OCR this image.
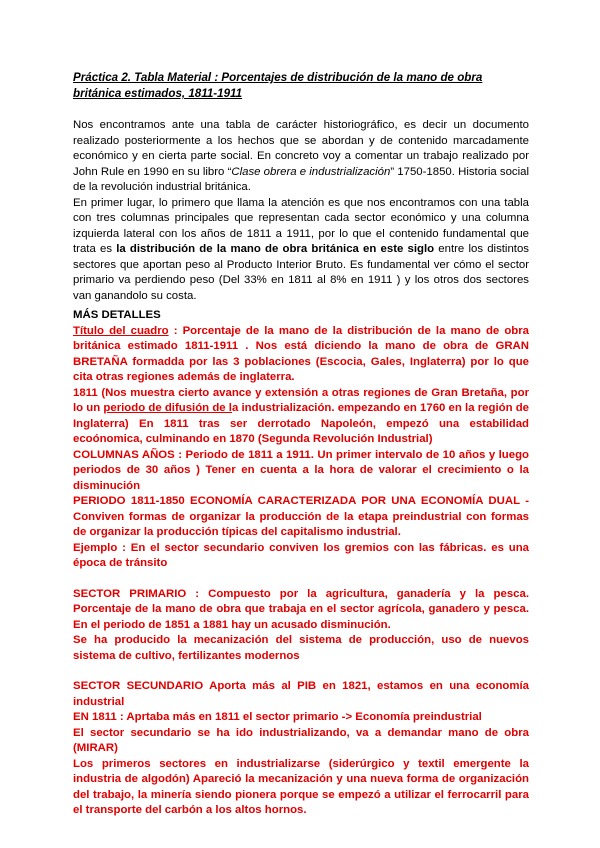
Práctica 2. Tabla Material : Porcentajes de distribución de la mano de obra británica estimados, 1811-1911

Nos encontramos ante una tabla de carácter historiográfico, es decir un documento realizado posteriormente a los hechos que se abordan y de contenido marcadamente económico y en cierta parte social. En concreto voy a comentar un trabajo realizado por John Rule en 1990 en su libro “Clase obrera e industrialización” 1750-1850. Historia social de la revolución industrial británica.

En primer lugar, lo primero que llama la atención es que nos encontramos con una tabla con tres columnas principales que representan cada sector económico y una columna izquierda lateral con los años de 1811 a 1911, por lo que el contenido fundamental que trata es la distribución de la mano de obra británica en este siglo entre los distintos sectores que aportan peso al Producto Interior Bruto. Es fundamental ver cómo el sector primario va perdiendo peso (Del 33% en 1811 al 8% en 1911 ) y los otros dos sectores van ganandolo su costa.

MÁS DETALLES

Título del cuadro : Porcentaje de la mano de la distribución de la mano de obra británica estimado 1811-1911 . Nos está diciendo la mano de obra de GRAN BRETAÑA formadda por las 3 poblaciones (Escocia, Gales, Inglaterra) por lo que cita otras regiones además de inglaterra.

1811 (Nos muestra cierto avance y extensión a otras regiones de Gran Bretaña, por lo un periodo de difusión de la industrialización. empezando en 1760 en la región de Inglaterra) En 1811 tras ser derrotado Napoleón, empezó una estabilidad ecoónomica, culminando en 1870 (Segunda Revolución Industrial)

COLUMNAS AÑOS : Periodo de 1811 a 1911. Un primer intervalo de 10 años y luego periodos de 30 años ) Tener en cuenta a la hora de valorar el crecimiento o la disminución

PERIODO 1811-1850 ECONOMÍA CARACTERIZADA POR UNA ECONOMÍA DUAL - Conviven formas de organizar la producción de la etapa preindustrial con formas de organizar la producción típicas del capitalismo industrial.

Ejemplo : En el sector secundario conviven los gremios con las fábricas. es una época de tránsito

SECTOR PRIMARIO : Compuesto por la agricultura, ganadería y la pesca. Porcentaje de la mano de obra que trabaja en el sector agrícola, ganadero y pesca. En el periodo de 1851 a 1881 hay un acusado disminución.

Se ha producido la mecanización del sistema de producción, uso de nuevos sistema de cultivo, fertilizantes modernos

SECTOR SECUNDARIO Aporta más al PIB en 1821, estamos en una economía industrial

EN 1811 : Aprtaba más en 1811 el sector primario -> Economía preindustrial

El sector secundario se ha ido industrializando, va a demandar mano de obra (MIRAR)

Los primeros sectores en industrializarse (siderúrgico y textil emergente la industria de algodón) Apareció la mecanización y una nueva forma de organización del trabajo, la minería siendo pionera porque se empezó a utilizar el ferrocarril para el transporte del carbón a los altos hornos.
